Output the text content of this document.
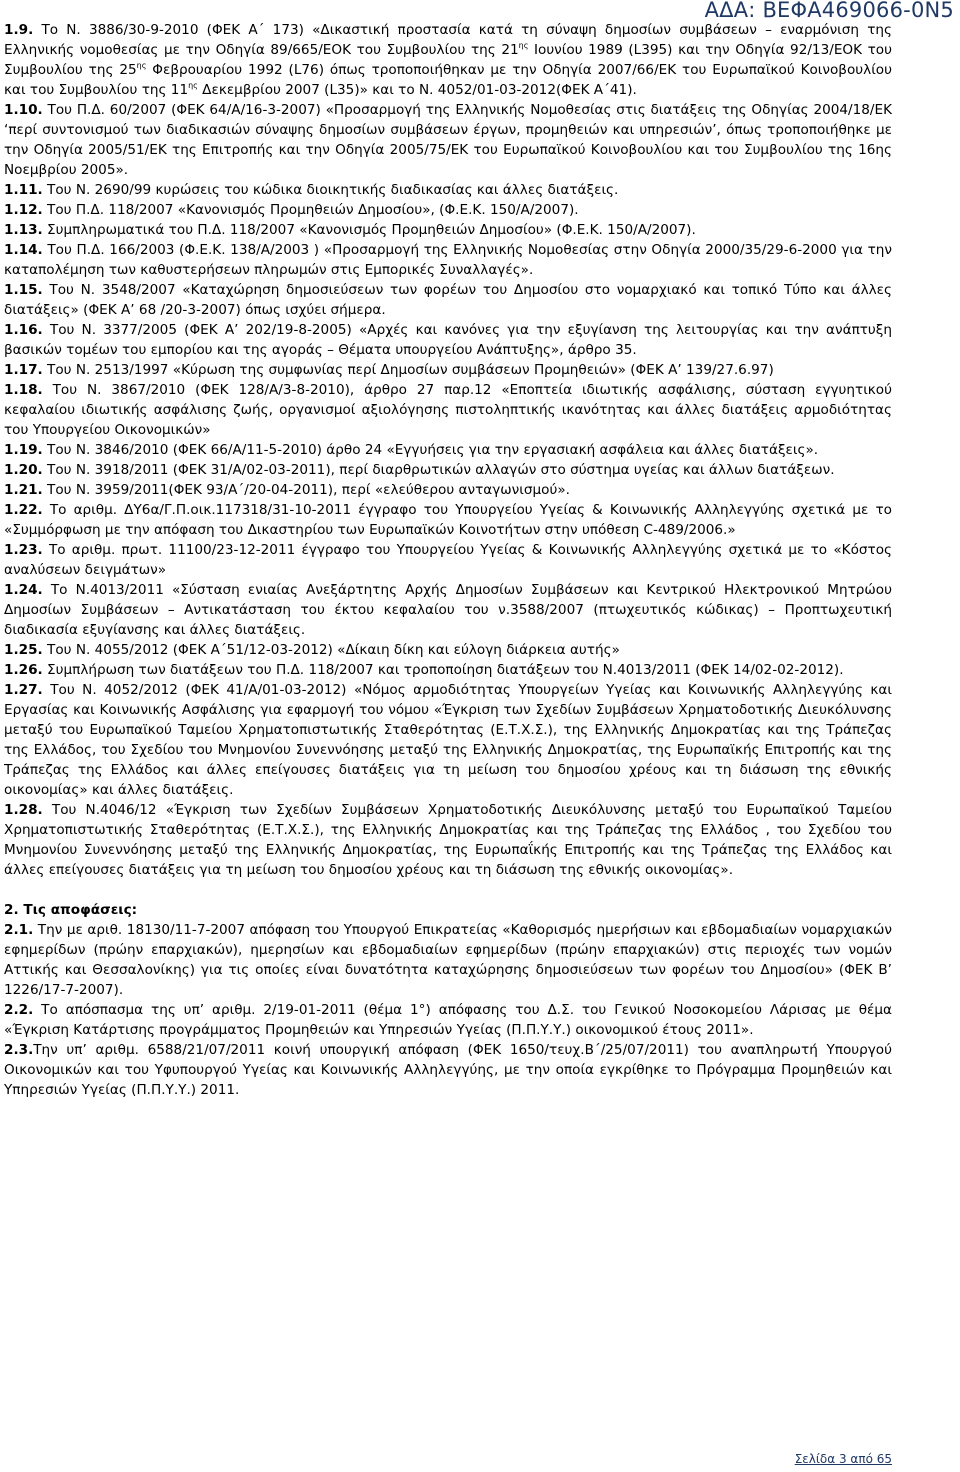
ΑΔΑ: ΒΕΦΑ469066-0Ν5

1.9. Το Ν. 3886/30-9-2010 (ΦΕΚ Α΄ 173) «Δικαστική προστασία κατά τη σύναψη δημοσίων συμβάσεων – εναρμόνιση της Ελληνικής νομοθεσίας με την Οδηγία 89/665/ΕΟΚ του Συμβουλίου της $21^{\eta\varsigma}$ Ιουνίου 1989 (L395) και την Οδηγία 92/13/ΕΟΚ του Συμβουλίου της $25^{\eta\varsigma}$ Φεβρουαρίου 1992 (L76) όπως τροποποιήθηκαν με την Οδηγία 2007/66/ΕΚ του Ευρωπαϊκού Κοινοβουλίου και του Συμβουλίου της $11^{\eta\varsigma}$ Δεκεμβρίου 2007 (L35)» και το Ν. 4052/01-03-2012(ΦΕΚ Α΄41).

1.10. Του Π.Δ. 60/2007 (ΦΕΚ 64/Α/16-3-2007) «Προσαρμογή της Ελληνικής Νομοθεσίας στις διατάξεις της Οδηγίας 2004/18/ΕΚ ‘περί συντονισμού των διαδικασιών σύναψης δημοσίων συμβάσεων έργων, προμηθειών και υπηρεσιών’, όπως τροποποιήθηκε με την Οδηγία 2005/51/ΕΚ της Επιτροπής και την Οδηγία 2005/75/ΕΚ του Ευρωπαϊκού Κοινοβουλίου και του Συμβουλίου της 16ης Νοεμβρίου 2005».

1.11. Του Ν. 2690/99 κυρώσεις του κώδικα διοικητικής διαδικασίας και άλλες διατάξεις.

1.12. Του Π.Δ. 118/2007 «Κανονισμός Προμηθειών Δημοσίου», (Φ.Ε.Κ. 150/Α/2007).

1.13. Συμπληρωματικά του Π.Δ. 118/2007 «Κανονισμός Προμηθειών Δημοσίου» (Φ.Ε.Κ. 150/Α/2007).

1.14. Του Π.Δ. 166/2003 (Φ.Ε.Κ. 138/Α/2003 ) «Προσαρμογή της Ελληνικής Νομοθεσίας στην Οδηγία 2000/35/29-6-2000 για την καταπολέμηση των καθυστερήσεων πληρωμών στις Εμπορικές Συναλλαγές».

1.15. Του Ν. 3548/2007 «Καταχώρηση δημοσιεύσεων των φορέων του Δημοσίου στο νομαρχιακό και τοπικό Τύπο και άλλες διατάξεις» (ΦΕΚ Α’ 68 /20-3-2007) όπως ισχύει σήμερα.

1.16. Του Ν. 3377/2005 (ΦΕΚ Α’ 202/19-8-2005) «Αρχές και κανόνες για την εξυγίανση της λειτουργίας και την ανάπτυξη βασικών τομέων του εμπορίου και της αγοράς – Θέματα υπουργείου Ανάπτυξης», άρθρο 35.

1.17. Του Ν. 2513/1997 «Κύρωση της συμφωνίας περί Δημοσίων συμβάσεων Προμηθειών» (ΦΕΚ Α’ 139/27.6.97)

1.18. Του Ν. 3867/2010 (ΦΕΚ 128/Α/3-8-2010), άρθρο 27 παρ.12 «Εποπτεία ιδιωτικής ασφάλισης, σύσταση εγγυητικού κεφαλαίου ιδιωτικής ασφάλισης ζωής, οργανισμοί αξιολόγησης πιστοληπτικής ικανότητας και άλλες διατάξεις αρμοδιότητας του Υπουργείου Οικονομικών»

1.19. Του Ν. 3846/2010 (ΦΕΚ 66/Α/11-5-2010) άρθο 24 «Εγγυήσεις για την εργασιακή ασφάλεια και άλλες διατάξεις».

1.20. Του Ν. 3918/2011 (ΦΕΚ 31/Α/02-03-2011), περί διαρθρωτικών αλλαγών στο σύστημα υγείας και άλλων διατάξεων.

1.21. Του Ν. 3959/2011(ΦΕΚ 93/Α΄/20-04-2011), περί «ελεύθερου ανταγωνισμού».

1.22. Το αριθμ. ΔΥ6α/Γ.Π.οικ.117318/31-10-2011 έγγραφο του Υπουργείου Υγείας & Κοινωνικής Αλληλεγγύης σχετικά με το «Συμμόρφωση με την απόφαση του Δικαστηρίου των Ευρωπαϊκών Κοινοτήτων στην υπόθεση C-489/2006.»

1.23. Το αριθμ. πρωτ. 11100/23-12-2011 έγγραφο του Υπουργείου Υγείας & Κοινωνικής Αλληλεγγύης σχετικά με το «Κόστος αναλύσεων δειγμάτων»

1.24. Το Ν.4013/2011 «Σύσταση ενιαίας Ανεξάρτητης Αρχής Δημοσίων Συμβάσεων και Κεντρικού Ηλεκτρονικού Μητρώου Δημοσίων Συμβάσεων – Αντικατάσταση του έκτου κεφαλαίου του ν.3588/2007 (πτωχευτικός κώδικας) – Προπτωχευτική διαδικασία εξυγίανσης και άλλες διατάξεις.

1.25. Του Ν. 4055/2012 (ΦΕΚ Α΄51/12-03-2012) «Δίκαιη δίκη και εύλογη διάρκεια αυτής»

1.26. Συμπλήρωση των διατάξεων του Π.Δ. 118/2007 και τροποποίηση διατάξεων του Ν.4013/2011 (ΦΕΚ 14/02-02-2012).

1.27. Του Ν. 4052/2012 (ΦΕΚ 41/Α/01-03-2012) «Νόμος αρμοδιότητας Υπουργείων Υγείας και Κοινωνικής Αλληλεγγύης και Εργασίας και Κοινωνικής Ασφάλισης για εφαρμογή του νόμου «Έγκριση των Σχεδίων Συμβάσεων Χρηματοδοτικής Διευκόλυνσης μεταξύ του Ευρωπαϊκού Ταμείου Χρηματοπιστωτικής Σταθερότητας (Ε.Τ.Χ.Σ.), της Ελληνικής Δημοκρατίας και της Τράπεζας της Ελλάδος, του Σχεδίου του Μνημονίου Συνεννόησης μεταξύ της Ελληνικής Δημοκρατίας, της Ευρωπαϊκής Επιτροπής και της Τράπεζας της Ελλάδος και άλλες επείγουσες διατάξεις για τη μείωση του δημοσίου χρέους και τη διάσωση της εθνικής οικονομίας» και άλλες διατάξεις.

1.28. Του Ν.4046/12 «Έγκριση των Σχεδίων Συμβάσεων Χρηματοδοτικής Διευκόλυνσης μεταξύ του Ευρωπαϊκού Ταμείου Χρηματοπιστωτικής Σταθερότητας (Ε.Τ.Χ.Σ.), της Ελληνικής Δημοκρατίας και της Τράπεζας της Ελλάδος , του Σχεδίου του Μνημονίου Συνεννόησης μεταξύ της Ελληνικής Δημοκρατίας, της Ευρωπαΐκής Επιτροπής και της Τράπεζας της Ελλάδος και άλλες επείγουσες διατάξεις για τη μείωση του δημοσίου χρέους και τη διάσωση της εθνικής οικονομίας».

2. Τις αποφάσεις:

2.1. Την με αριθ. 18130/11-7-2007 απόφαση του Υπουργού Επικρατείας «Καθορισμός ημερήσιων και εβδομαδιαίων νομαρχιακών εφημερίδων (πρώην επαρχιακών), ημερησίων και εβδομαδιαίων εφημερίδων (πρώην επαρχιακών) στις περιοχές των νομών Αττικής και Θεσσαλονίκης) για τις οποίες είναι δυνατότητα καταχώρησης δημοσιεύσεων των φορέων του Δημοσίου» (ΦΕΚ Β’ 1226/17-7-2007).

2.2. Το απόσπασμα της υπ’ αριθμ. 2/19-01-2011 (θέμα 1°) απόφασης του Δ.Σ. του Γενικού Νοσοκομείου Λάρισας με θέμα «Έγκριση Κατάρτισης προγράμματος Προμηθειών και Υπηρεσιών Υγείας (Π.Π.Υ.Υ.) οικονομικού έτους 2011».

2.3.Την υπ’ αριθμ. 6588/21/07/2011 κοινή υπουργική απόφαση (ΦΕΚ 1650/τευχ.Β΄/25/07/2011) του αναπληρωτή Υπουργού Οικονομικών και του Υφυπουργού Υγείας και Κοινωνικής Αλληλεγγύης, με την οποία εγκρίθηκε το Πρόγραμμα Προμηθειών και Υπηρεσιών Υγείας (Π.Π.Υ.Υ.) 2011.

Σελίδα 3 από 65
